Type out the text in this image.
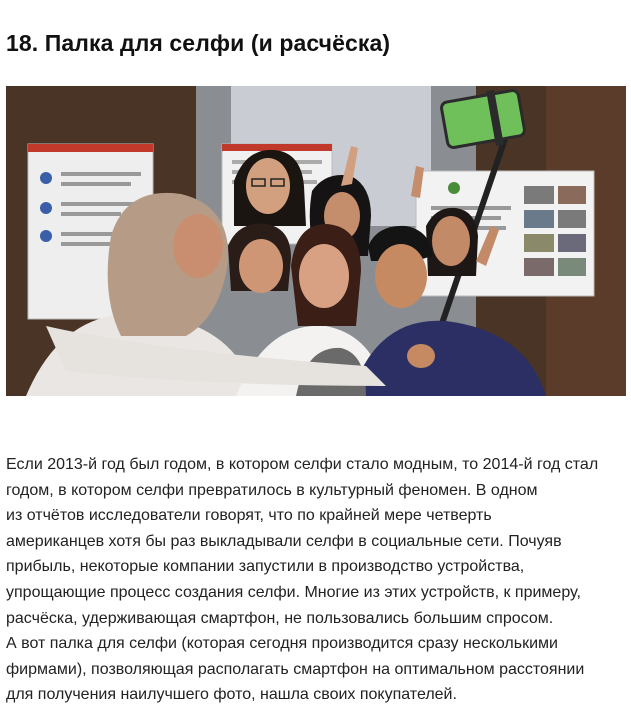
18. Палка для селфи (и расчёска)

Если 2013-й год был годом, в котором селфи стало модным, то 2014-й год стал
годом, в котором селфи превратилось в культурный феномен. В одном
из отчётов исследователи говорят, что по крайней мере четверть
американцев хотя бы раз выкладывали селфи в социальные сети. Почуяв
прибыль, некоторые компании запустили в производство устройства,
упрощающие процесс создания селфи. Многие из этих устройств, к примеру,
расчёска, удерживающая смартфон, не пользовались большим спросом.
А вот палка для селфи (которая сегодня производится сразу несколькими
фирмами), позволяющая располагать смартфон на оптимальном расстоянии
для получения наилучшего фото, нашла своих покупателей.
